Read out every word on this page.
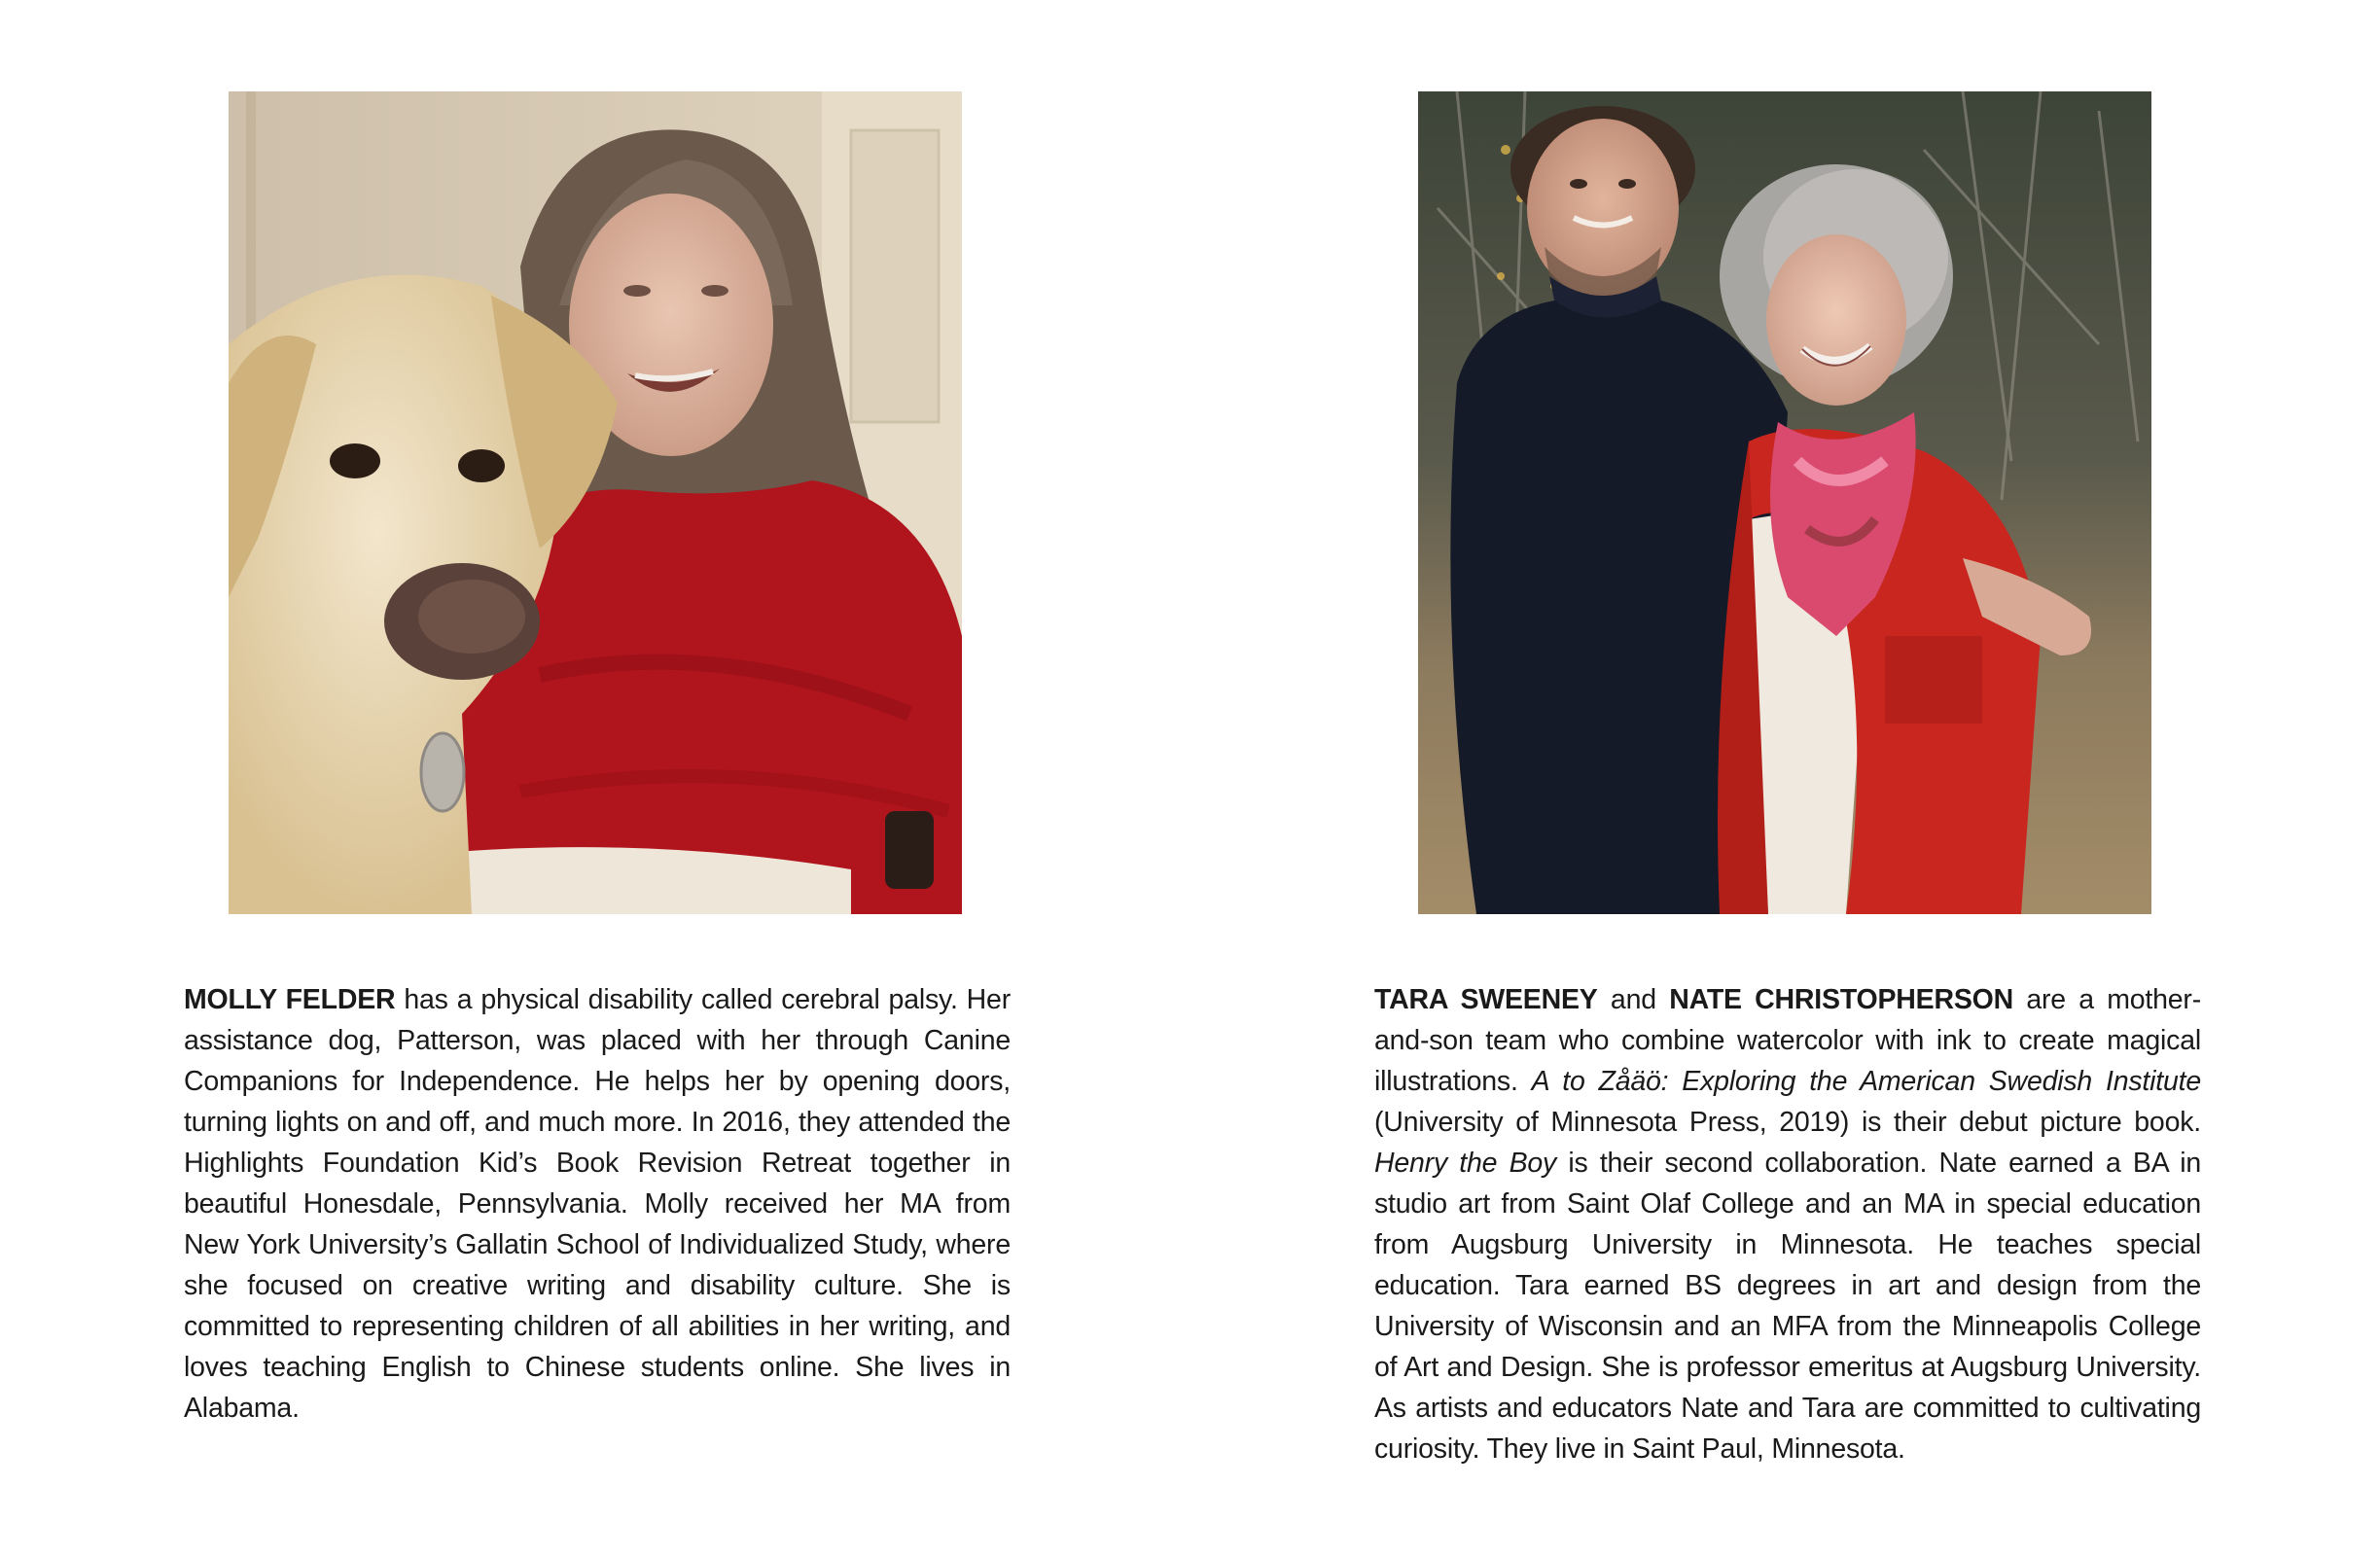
MOLLY FELDER has a physical disability called cerebral palsy. Her assistance dog, Patterson, was placed with her through Canine Companions for Independence. He helps her by opening doors, turning lights on and off, and much more. In 2016, they attended the Highlights Foundation Kid’s Book Revision Retreat together in beautiful Honesdale, Pennsylvania. Molly received her MA from New York University’s Gallatin School of Individualized Study, where she focused on creative writing and disability culture. She is committed to representing children of all abilities in her writing, and loves teaching English to Chinese students online. She lives in Alabama.

TARA SWEENEY and NATE CHRISTOPHERSON are a mother-and-son team who combine watercolor with ink to create magical illustrations. A to Zåäö: Exploring the American Swedish Institute (University of Minnesota Press, 2019) is their debut picture book. Henry the Boy is their second collaboration. Nate earned a BA in studio art from Saint Olaf College and an MA in special education from Augsburg University in Minnesota. He teaches special education. Tara earned BS degrees in art and design from the University of Wisconsin and an MFA from the Minneapolis College of Art and Design. She is professor emeritus at Augsburg University. As artists and educators Nate and Tara are committed to cultivating curiosity. They live in Saint Paul, Minnesota.
